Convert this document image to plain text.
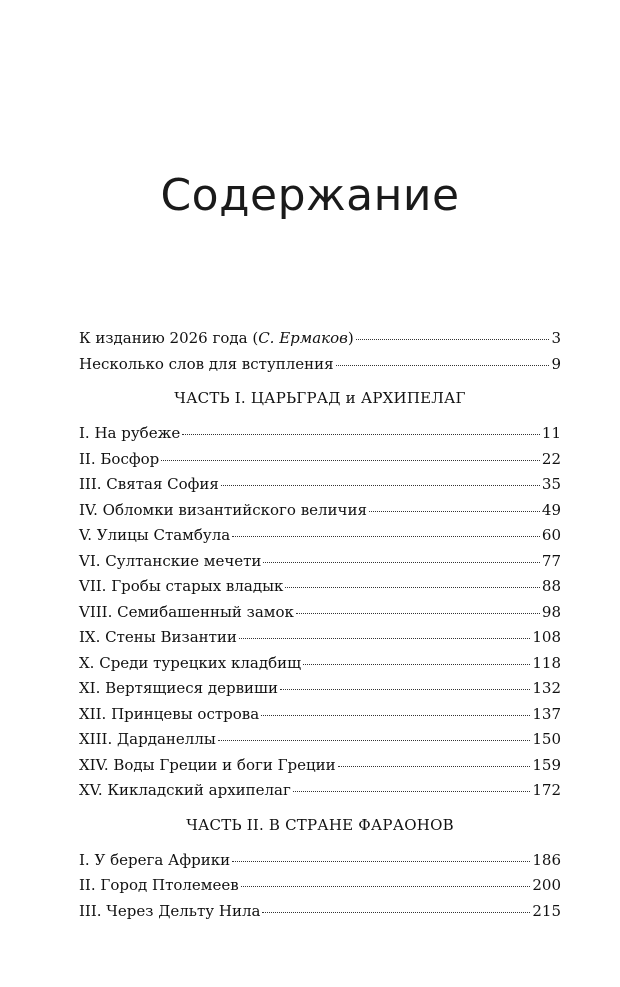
Содержание
К изданию 2026 года (С. Ермаков)	3
Несколько слов для вступления	9
ЧАСТЬ I. ЦАРЬГРАД и АРХИПЕЛАГ
I. На рубеже	11
II. Босфор	22
III. Святая София	35
IV. Обломки византийского величия	49
V. Улицы Стамбула	60
VI. Султанские мечети	77
VII. Гробы старых владык	88
VIII. Семибашенный замок	98
IX. Стены Византии	108
X. Среди турецких кладбищ	118
XI. Вертящиеся дервиши	132
XII. Принцевы острова	137
XIII. Дарданеллы	150
XIV. Воды Греции и боги Греции	159
XV. Кикладский архипелаг	172
ЧАСТЬ II. В СТРАНЕ ФАРАОНОВ
I. У берега Африки	186
II. Город Птолемеев	200
III. Через Дельту Нила	215
